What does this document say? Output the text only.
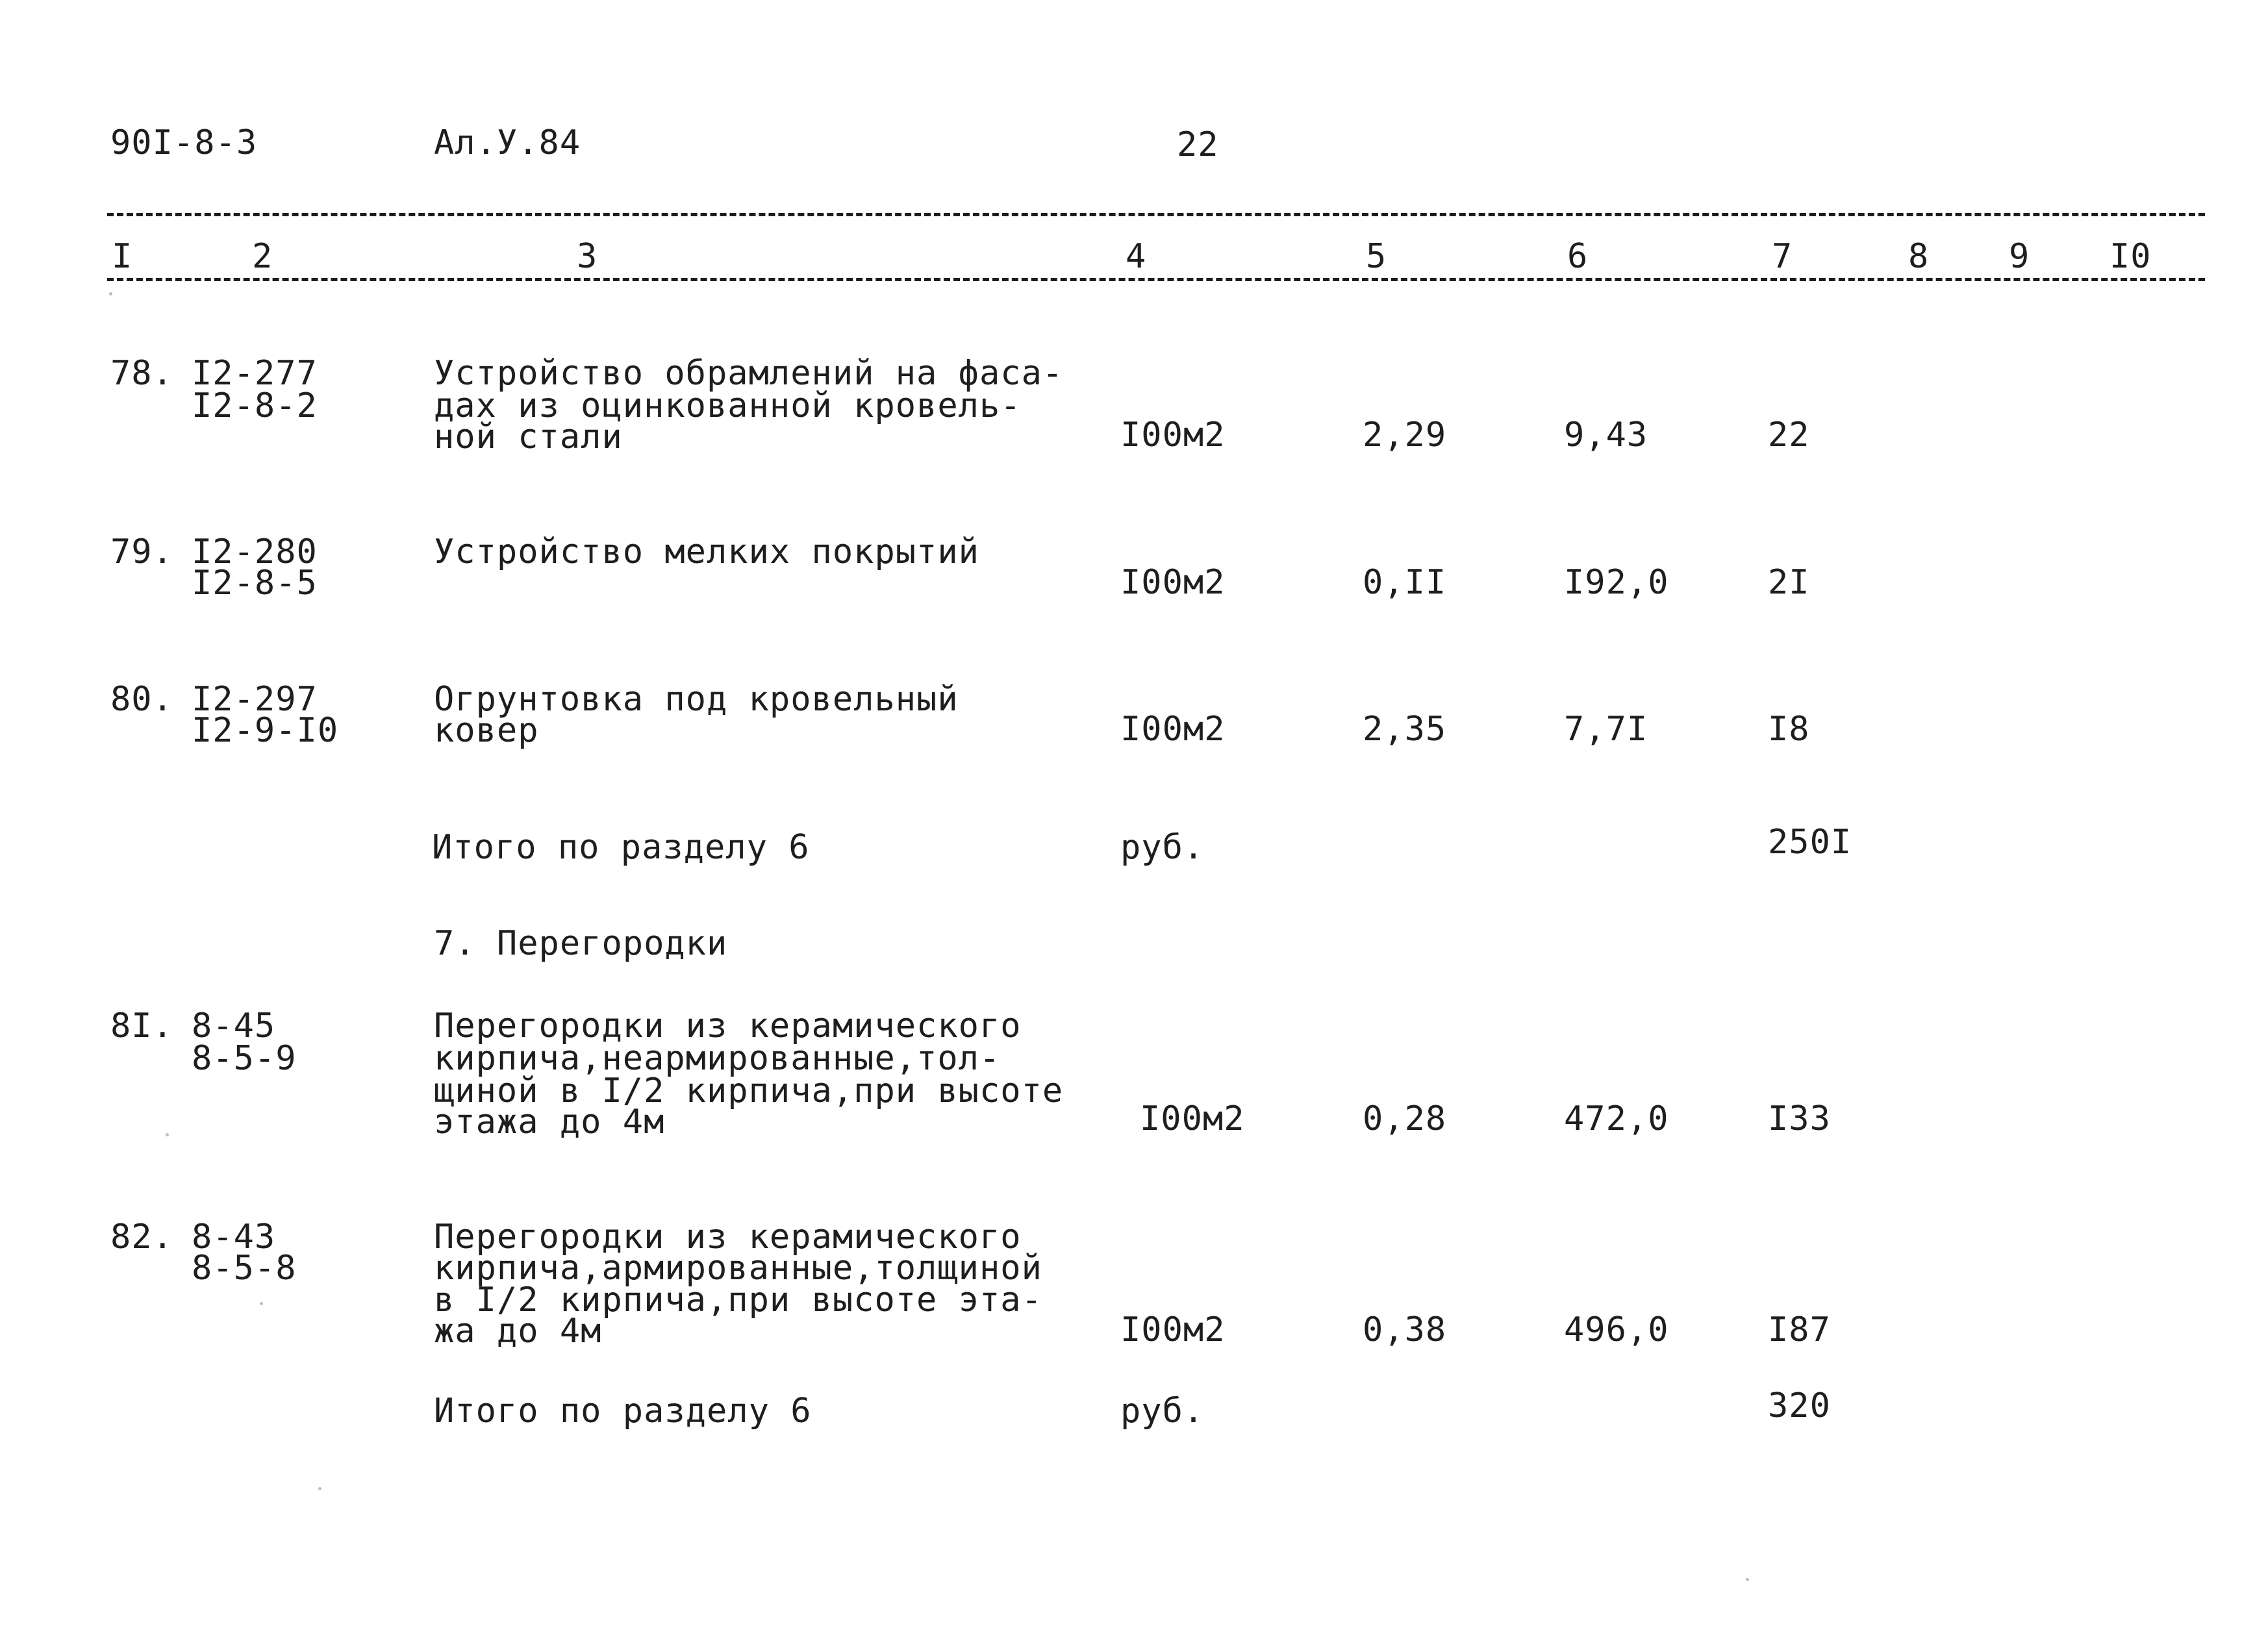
90I-8-3	Ал.У.84	22
I	2	3	4	5	6	7	8 9 I0
78. I2-277
I2-8-2
Устройство обрамлений на фаса-
дах из оцинкованной кровель-
ной стали	I00м2	2,29	9,43	22
79. I2-280
I2-8-5
Устройство мелких покрытий
I00м2	0,II	I92,0	2I
80. I2-297
I2-9-I0
Огрунтовка под кровельный
ковер	I00м2	2,35	7,7I	I8
Итого по разделу 6	руб.	250I
7. Перегородки
8I. 8-45
8-5-9
Перегородки из керамического
кирпича,неармированные,тол-
щиной в I/2 кирпича,при высоте
этажа до 4м	I00м2	0,28	472,0	I33
82. 8-43
8-5-8
Перегородки из керамического
кирпича,армированные,толщиной
в I/2 кирпича,при высоте эта-
жа до 4м	I00м2	0,38	496,0	I87
Итого по разделу 6	руб.	320
